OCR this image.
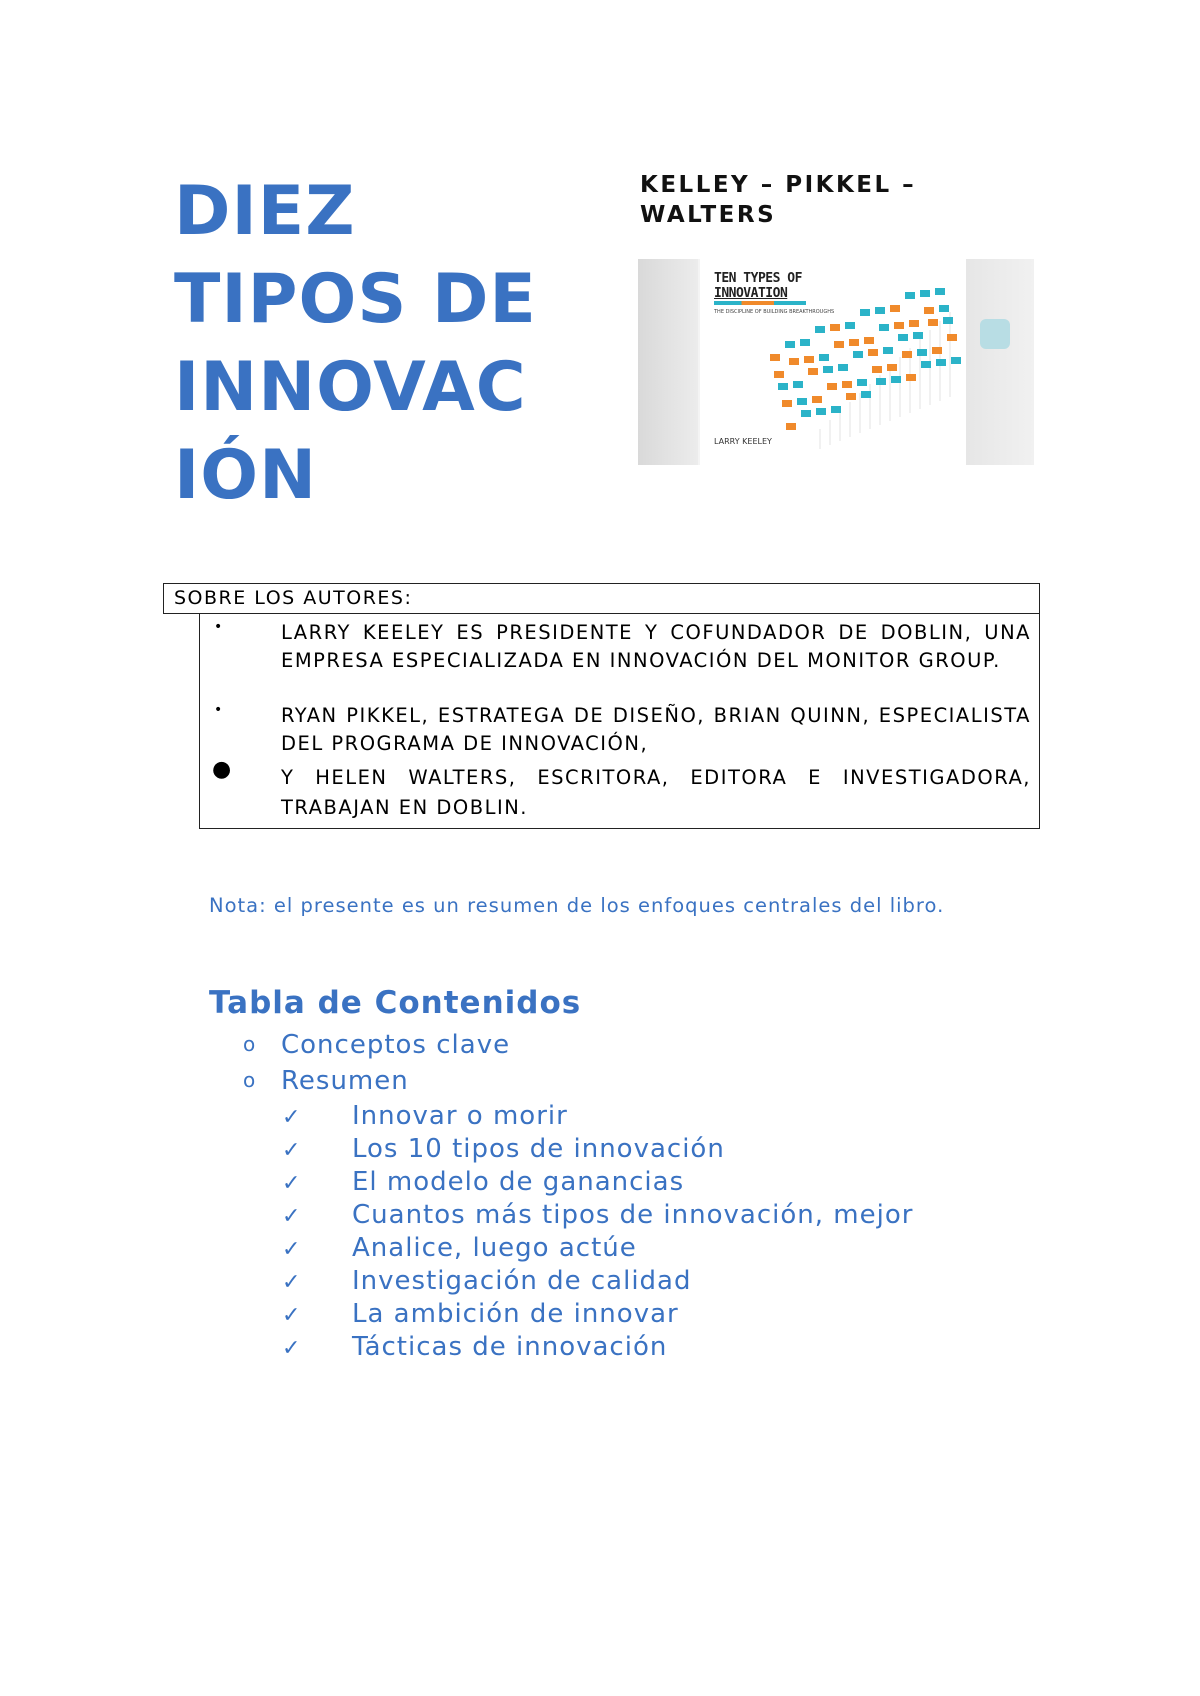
DIEZ
TIPOS DE
INNOVAC
IÓN
KELLEY – PIKKEL – WALTERS
TEN TYPES OF
INNOVATION
THE DISCIPLINE OF BUILDING BREAKTHROUGHS
LARRY KEELEY
SOBRE LOS AUTORES:
•	LARRY KEELEY ES PRESIDENTE Y COFUNDADOR DE DOBLIN, UNA EMPRESA ESPECIALIZADA EN INNOVACIÓN DEL MONITOR GROUP.
•	RYAN PIKKEL, ESTRATEGA DE DISEÑO, BRIAN QUINN, ESPECIALISTA DEL PROGRAMA DE INNOVACIÓN,
●	Y HELEN WALTERS, ESCRITORA, EDITORA E INVESTIGADORA, TRABAJAN EN DOBLIN.
Nota: el presente es un resumen de los enfoques centrales del libro.
Tabla de Contenidos
o Conceptos clave
o Resumen
✓ Innovar o morir
✓ Los 10 tipos de innovación
✓ El modelo de ganancias
✓ Cuantos más tipos de innovación, mejor
✓ Analice, luego actúe
✓ Investigación de calidad
✓ La ambición de innovar
✓ Tácticas de innovación
